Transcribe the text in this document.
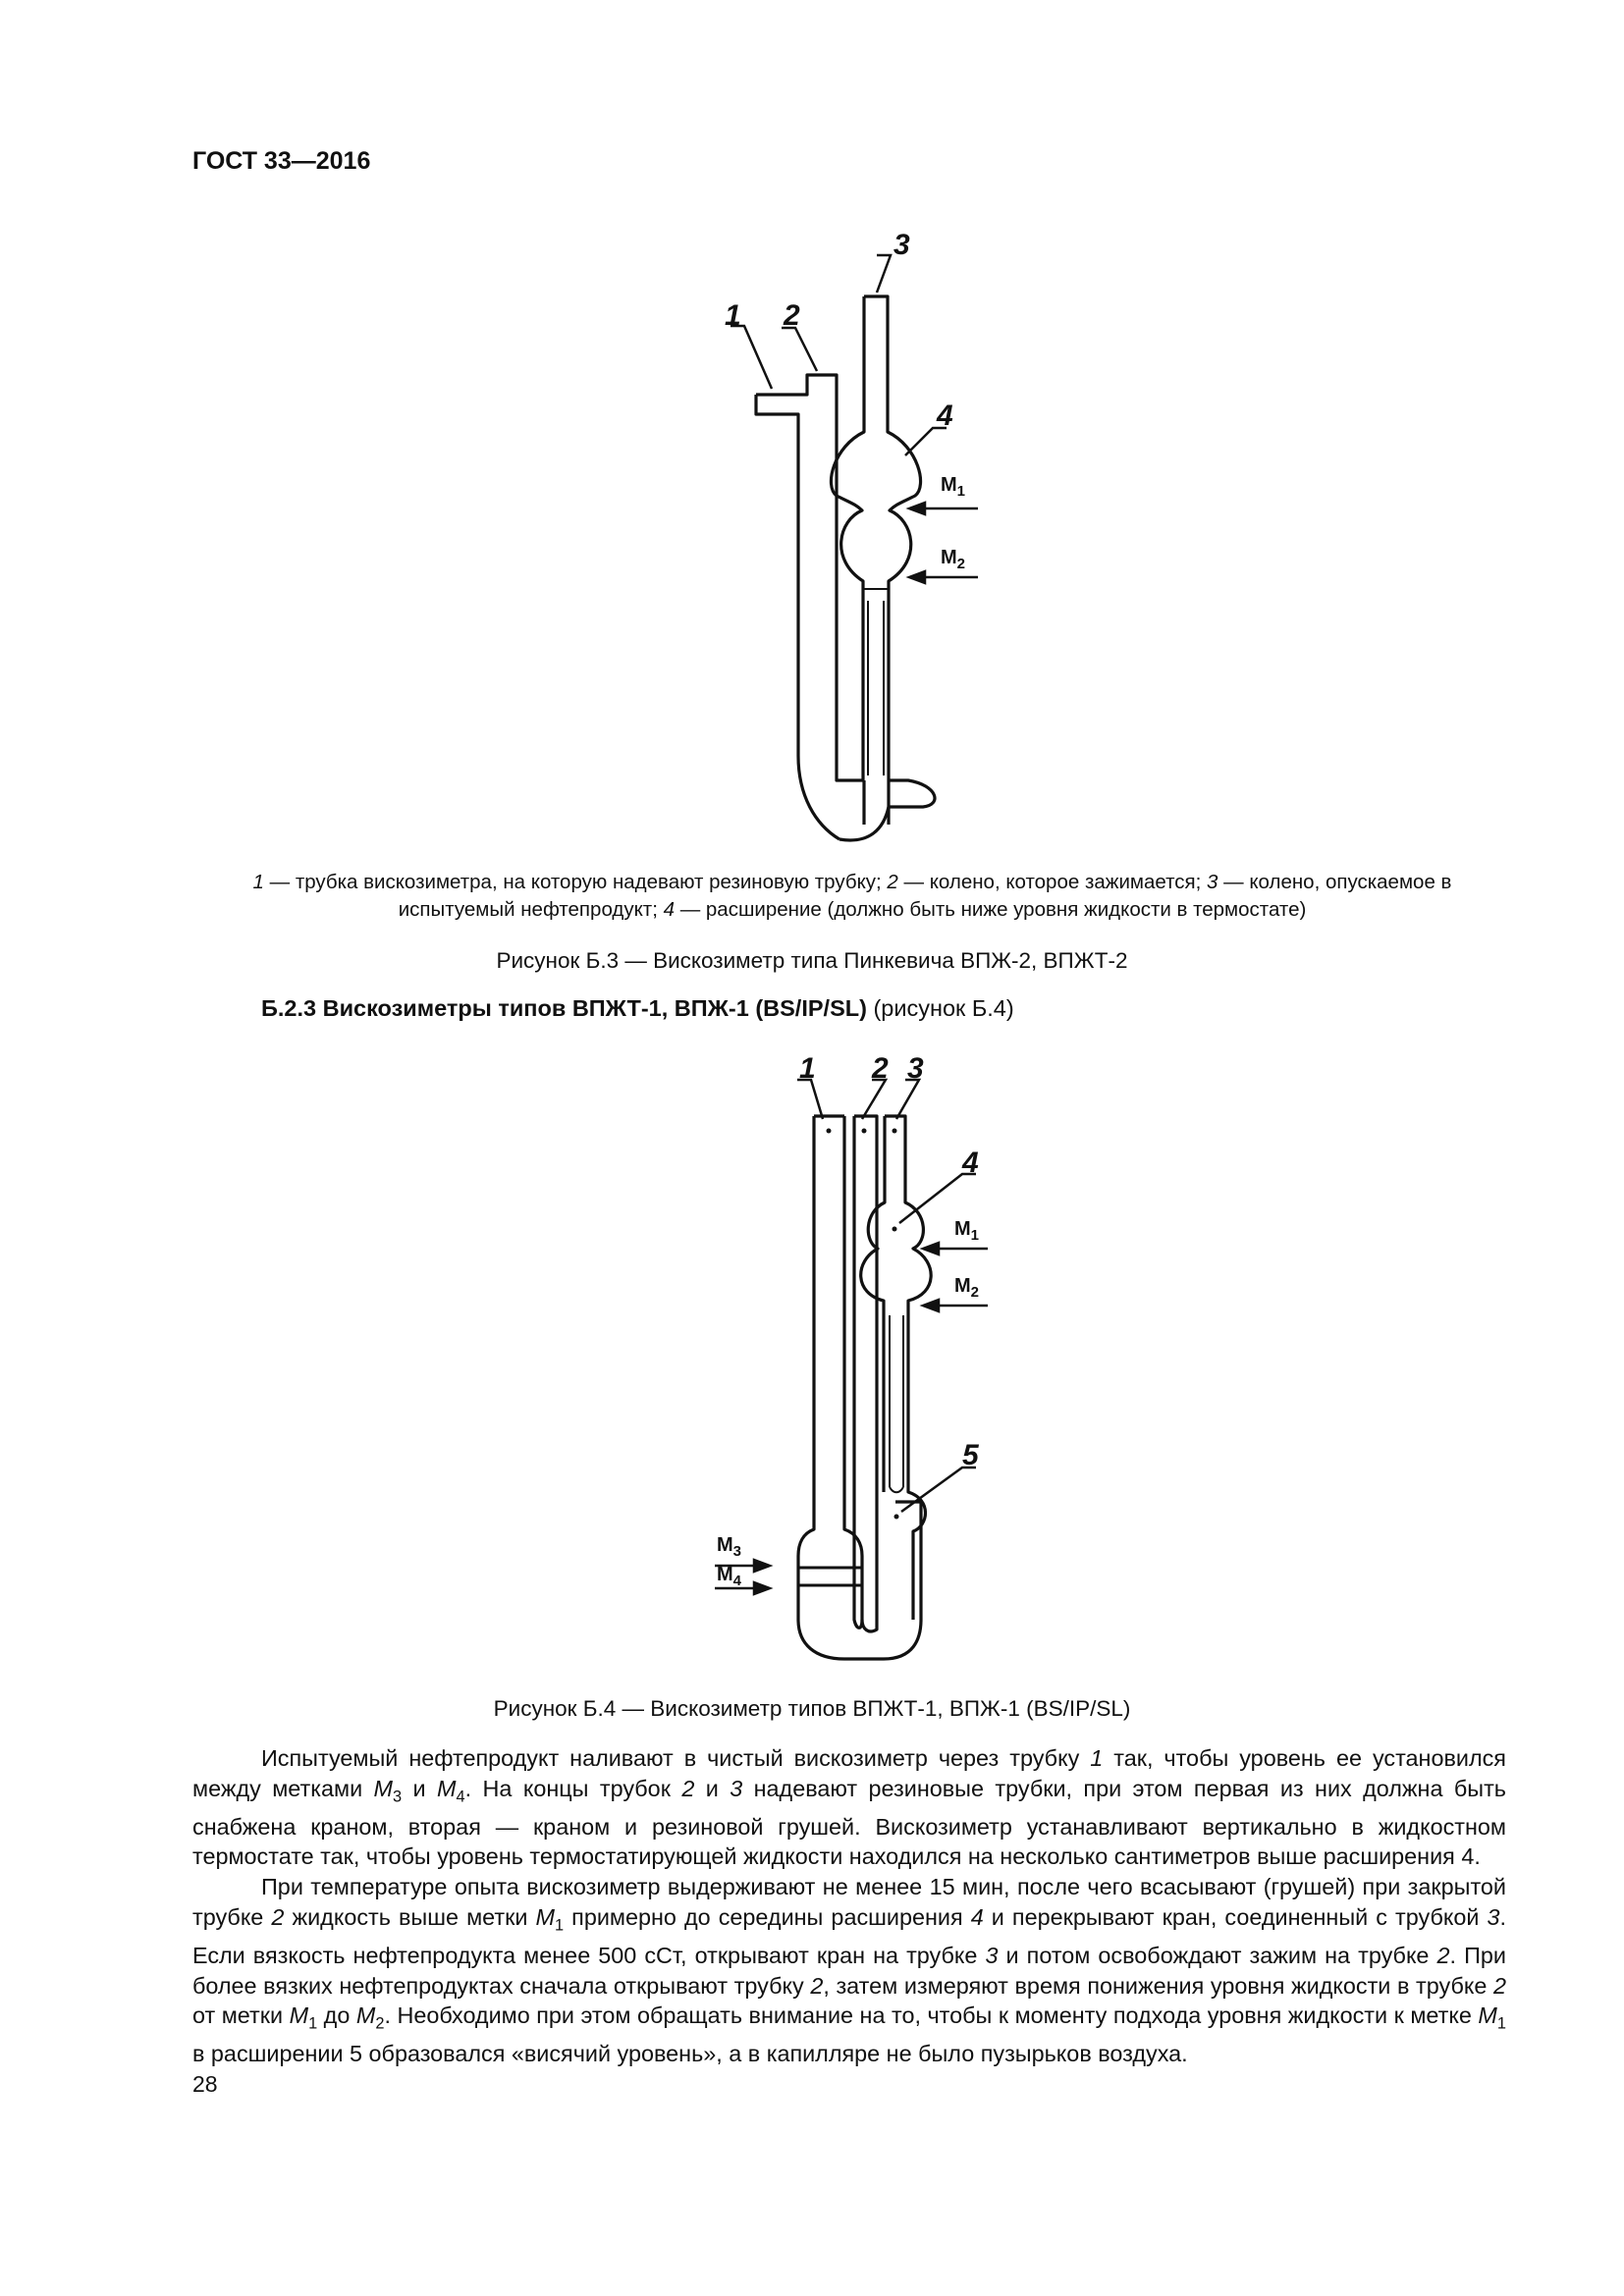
ГОСТ 33—2016
1 2
3
4
$M_1$
$M_2$
1 — трубка вискозиметра, на которую надевают резиновую трубку; 2 — колено, которое зажимается; 3 — колено, опускаемое в испытуемый нефтепродукт; 4 — расширение (должно быть ниже уровня жидкости в термостате)
Рисунок Б.3 — Вискозиметр типа Пинкевича ВПЖ-2, ВПЖТ-2
Б.2.3 Вискозиметры типов ВПЖТ-1, ВПЖ-1 (BS/IP/SL) (рисунок Б.4)
1 2 3
4
5
$M_1$
$M_2$
$M_3$
$M_4$
Рисунок Б.4 — Вискозиметр типов ВПЖТ-1, ВПЖ-1 (BS/IP/SL)

Испытуемый нефтепродукт наливают в чистый вискозиметр через трубку 1 так, чтобы уровень ее установился между метками $M_3$ и $M_4$. На концы трубок 2 и 3 надевают резиновые трубки, при этом первая из них должна быть снабжена краном, вторая — краном и резиновой грушей. Вискозиметр устанавливают вертикально в жидкостном термостате так, чтобы уровень термостатирующей жидкости находился на несколько сантиметров выше расширения 4.

При температуре опыта вискозиметр выдерживают не менее 15 мин, после чего всасывают (грушей) при закрытой трубке 2 жидкость выше метки $M_1$ примерно до середины расширения 4 и перекрывают кран, соединенный с трубкой 3. Если вязкость нефтепродукта менее 500 сСт, открывают кран на трубке 3 и потом освобождают зажим на трубке 2. При более вязких нефтепродуктах сначала открывают трубку 2, затем измеряют время понижения уровня жидкости в трубке 2 от метки $M_1$ до $M_2$. Необходимо при этом обращать внимание на то, чтобы к моменту подхода уровня жидкости к метке $M_1$ в расширении 5 образовался «висячий уровень», а в капилляре не было пузырьков воздуха.

28
